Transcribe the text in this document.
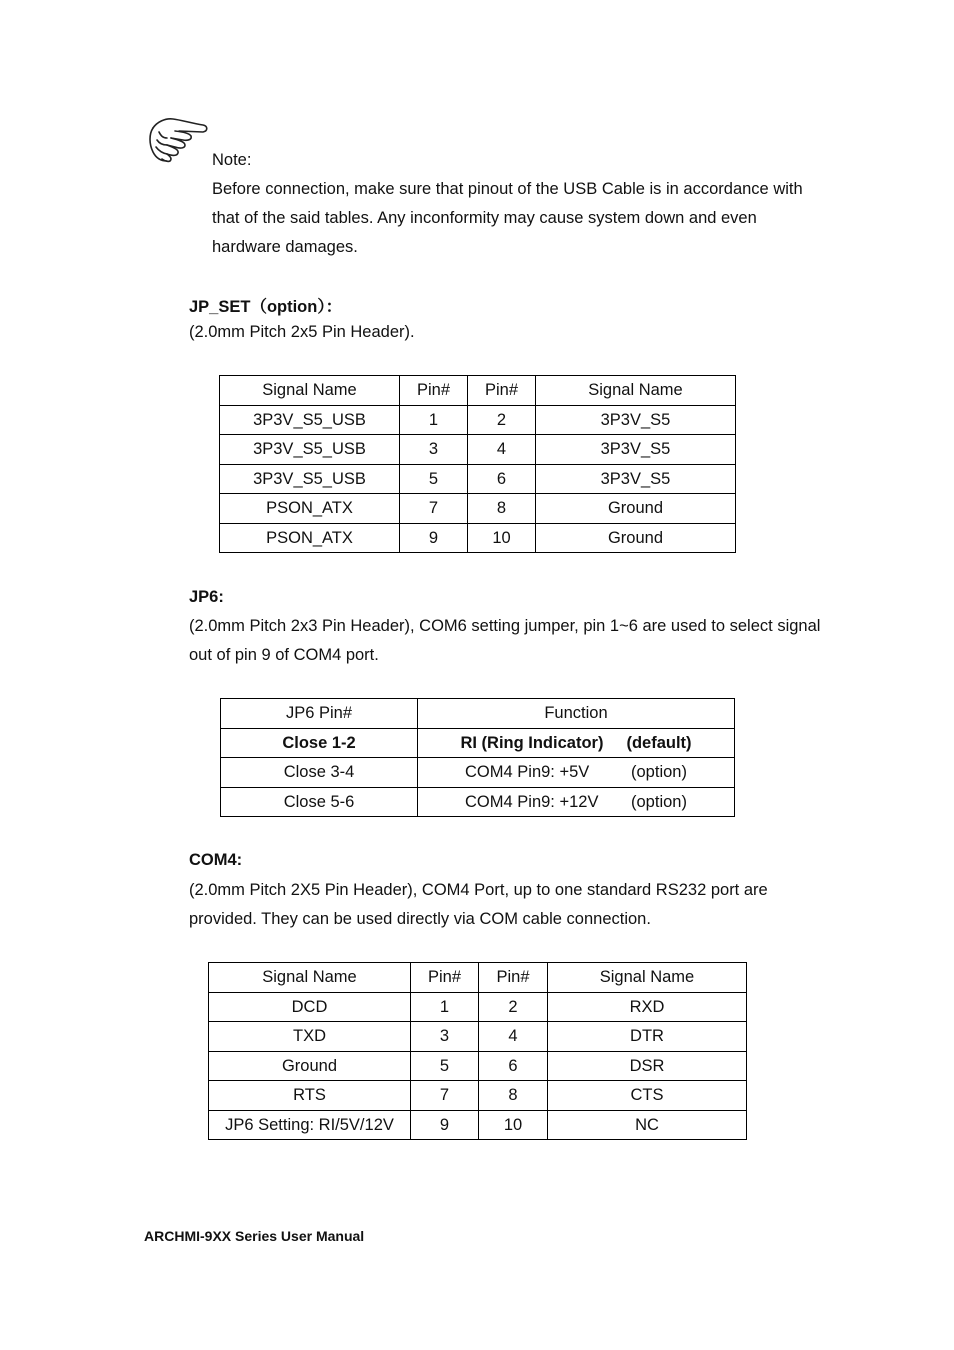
Note:
Before connection, make sure that pinout of the USB Cable is in accordance with that of the said tables. Any inconformity may cause system down and even hardware damages.
JP_SET（option）：
(2.0mm Pitch 2x5 Pin Header).
Signal Name	Pin#	Pin#	Signal Name
3P3V_S5_USB	1	2	3P3V_S5
3P3V_S5_USB	3	4	3P3V_S5
3P3V_S5_USB	5	6	3P3V_S5
PSON_ATX	7	8	Ground
PSON_ATX	9	10	Ground
JP6:
(2.0mm Pitch 2x3 Pin Header), COM6 setting jumper, pin 1~6 are used to select signal out of pin 9 of COM4 port.
JP6 Pin#	Function
Close 1-2	RI (Ring Indicator) (default)
Close 3-4	COM4 Pin9: +5V (option)
Close 5-6	COM4 Pin9: +12V (option)
COM4:
(2.0mm Pitch 2X5 Pin Header), COM4 Port, up to one standard RS232 port are provided. They can be used directly via COM cable connection.
Signal Name	Pin#	Pin#	Signal Name
DCD	1	2	RXD
TXD	3	4	DTR
Ground	5	6	DSR
RTS	7	8	CTS
JP6 Setting: RI/5V/12V	9	10	NC
ARCHMI-9XX Series User Manual
